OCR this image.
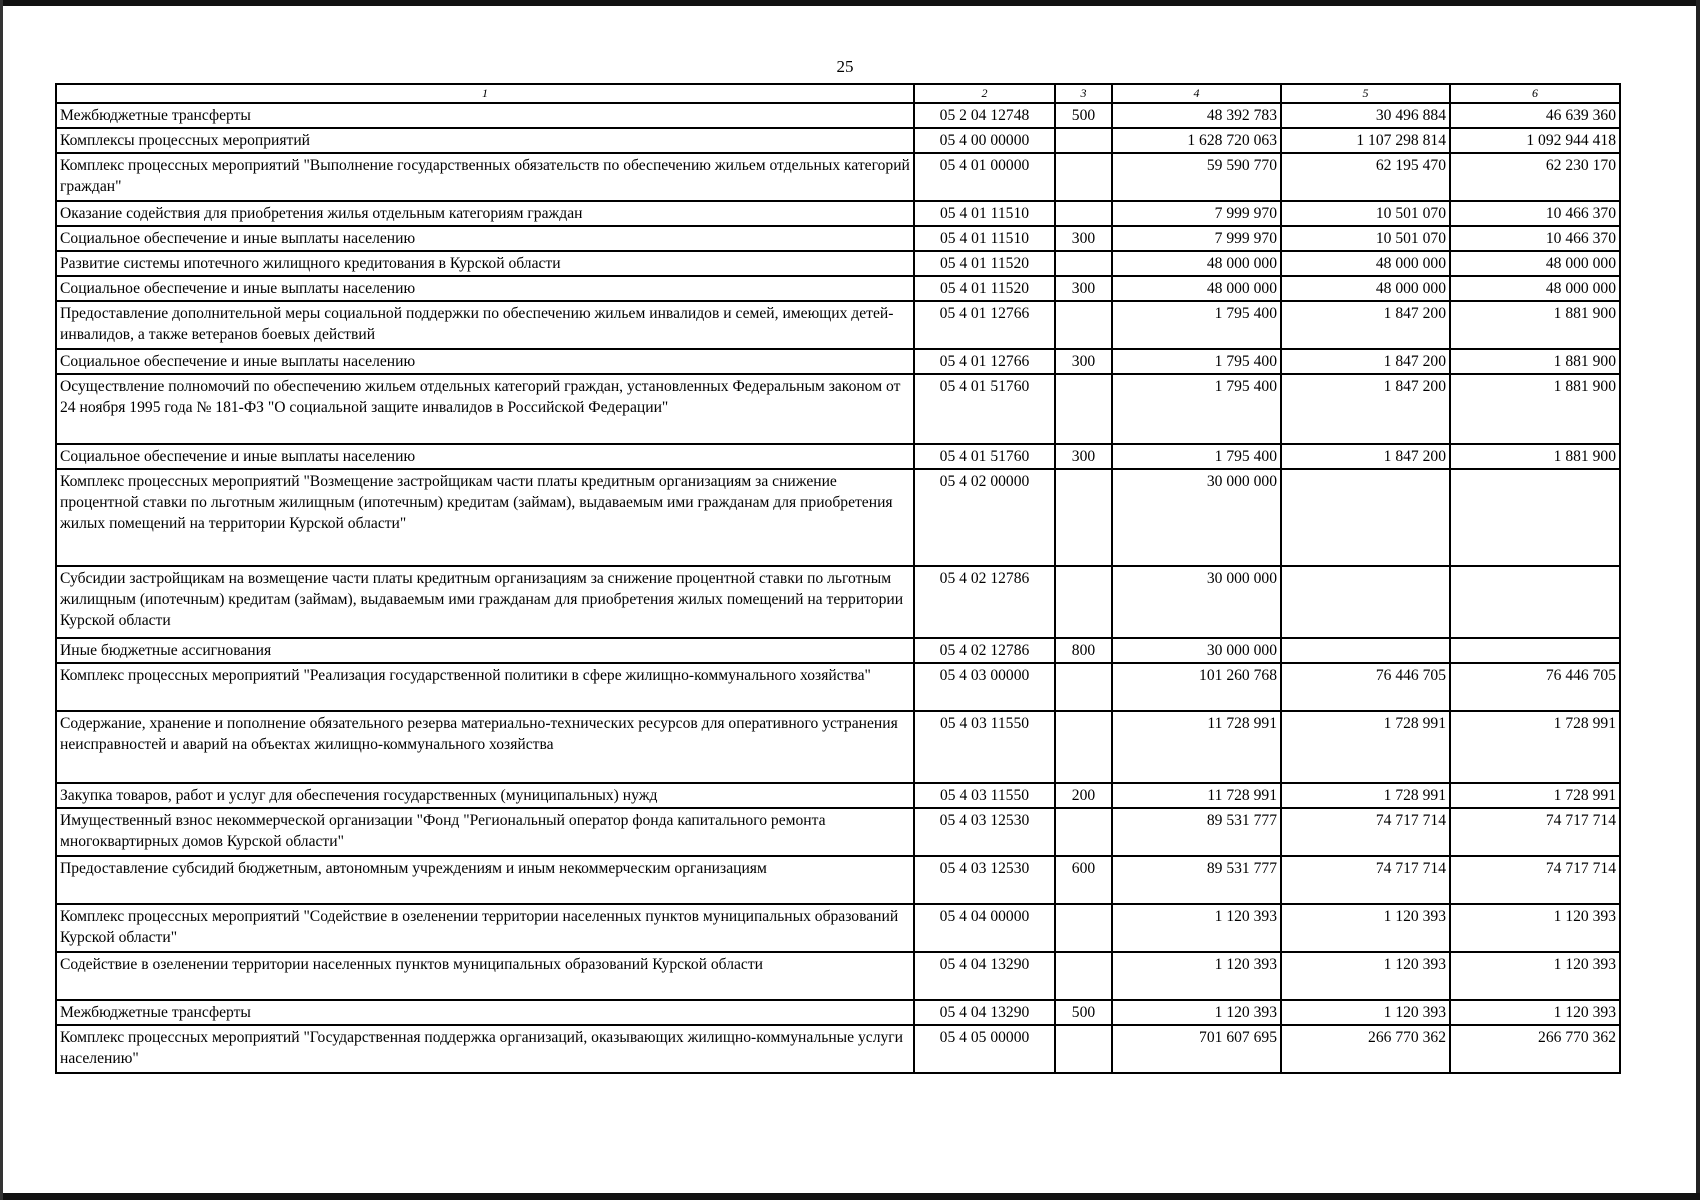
25
1	2	3	4	5	6
Межбюджетные трансферты	05 2 04 12748	500	48 392 783	30 496 884	46 639 360
Комплексы процессных мероприятий	05 4 00 00000		1 628 720 063	1 107 298 814	1 092 944 418
Комплекс процессных мероприятий "Выполнение государственных обязательств по обеспечению жильем отдельных категорий граждан"	05 4 01 00000		59 590 770	62 195 470	62 230 170
Оказание содействия для приобретения жилья отдельным категориям граждан	05 4 01 11510		7 999 970	10 501 070	10 466 370
Социальное обеспечение и иные выплаты населению	05 4 01 11510	300	7 999 970	10 501 070	10 466 370
Развитие системы ипотечного жилищного кредитования в Курской области	05 4 01 11520		48 000 000	48 000 000	48 000 000
Социальное обеспечение и иные выплаты населению	05 4 01 11520	300	48 000 000	48 000 000	48 000 000
Предоставление дополнительной меры социальной поддержки по обеспечению жильем инвалидов и семей, имеющих детей-инвалидов, а также ветеранов боевых действий	05 4 01 12766		1 795 400	1 847 200	1 881 900
Социальное обеспечение и иные выплаты населению	05 4 01 12766	300	1 795 400	1 847 200	1 881 900
Осуществление полномочий по обеспечению жильем отдельных категорий граждан, установленных Федеральным законом от 24 ноября 1995 года № 181-ФЗ "О социальной защите инвалидов в Российской Федерации"	05 4 01 51760		1 795 400	1 847 200	1 881 900
Социальное обеспечение и иные выплаты населению	05 4 01 51760	300	1 795 400	1 847 200	1 881 900
Комплекс процессных мероприятий "Возмещение застройщикам части платы кредитным организациям за снижение процентной ставки по льготным жилищным (ипотечным) кредитам (займам), выдаваемым ими гражданам для приобретения жилых помещений на территории Курской области"	05 4 02 00000		30 000 000		
Субсидии застройщикам на возмещение части платы кредитным организациям за снижение процентной ставки по льготным жилищным (ипотечным) кредитам (займам), выдаваемым ими гражданам для приобретения жилых помещений на территории Курской области	05 4 02 12786		30 000 000		
Иные бюджетные ассигнования	05 4 02 12786	800	30 000 000		
Комплекс процессных мероприятий "Реализация государственной политики в сфере жилищно-коммунального хозяйства"	05 4 03 00000		101 260 768	76 446 705	76 446 705
Содержание, хранение и пополнение обязательного резерва материально-технических ресурсов для оперативного устранения неисправностей и аварий на объектах жилищно-коммунального хозяйства	05 4 03 11550		11 728 991	1 728 991	1 728 991
Закупка товаров, работ и услуг для обеспечения государственных (муниципальных) нужд	05 4 03 11550	200	11 728 991	1 728 991	1 728 991
Имущественный взнос некоммерческой организации "Фонд "Региональный оператор фонда капитального ремонта многоквартирных домов Курской области"	05 4 03 12530		89 531 777	74 717 714	74 717 714
Предоставление субсидий бюджетным, автономным учреждениям и иным некоммерческим организациям	05 4 03 12530	600	89 531 777	74 717 714	74 717 714
Комплекс процессных мероприятий "Содействие в озеленении территории населенных пунктов муниципальных образований Курской области"	05 4 04 00000		1 120 393	1 120 393	1 120 393
Содействие в озеленении территории населенных пунктов муниципальных образований Курской области	05 4 04 13290		1 120 393	1 120 393	1 120 393
Межбюджетные трансферты	05 4 04 13290	500	1 120 393	1 120 393	1 120 393
Комплекс процессных мероприятий "Государственная поддержка организаций, оказывающих жилищно-коммунальные услуги населению"	05 4 05 00000		701 607 695	266 770 362	266 770 362
